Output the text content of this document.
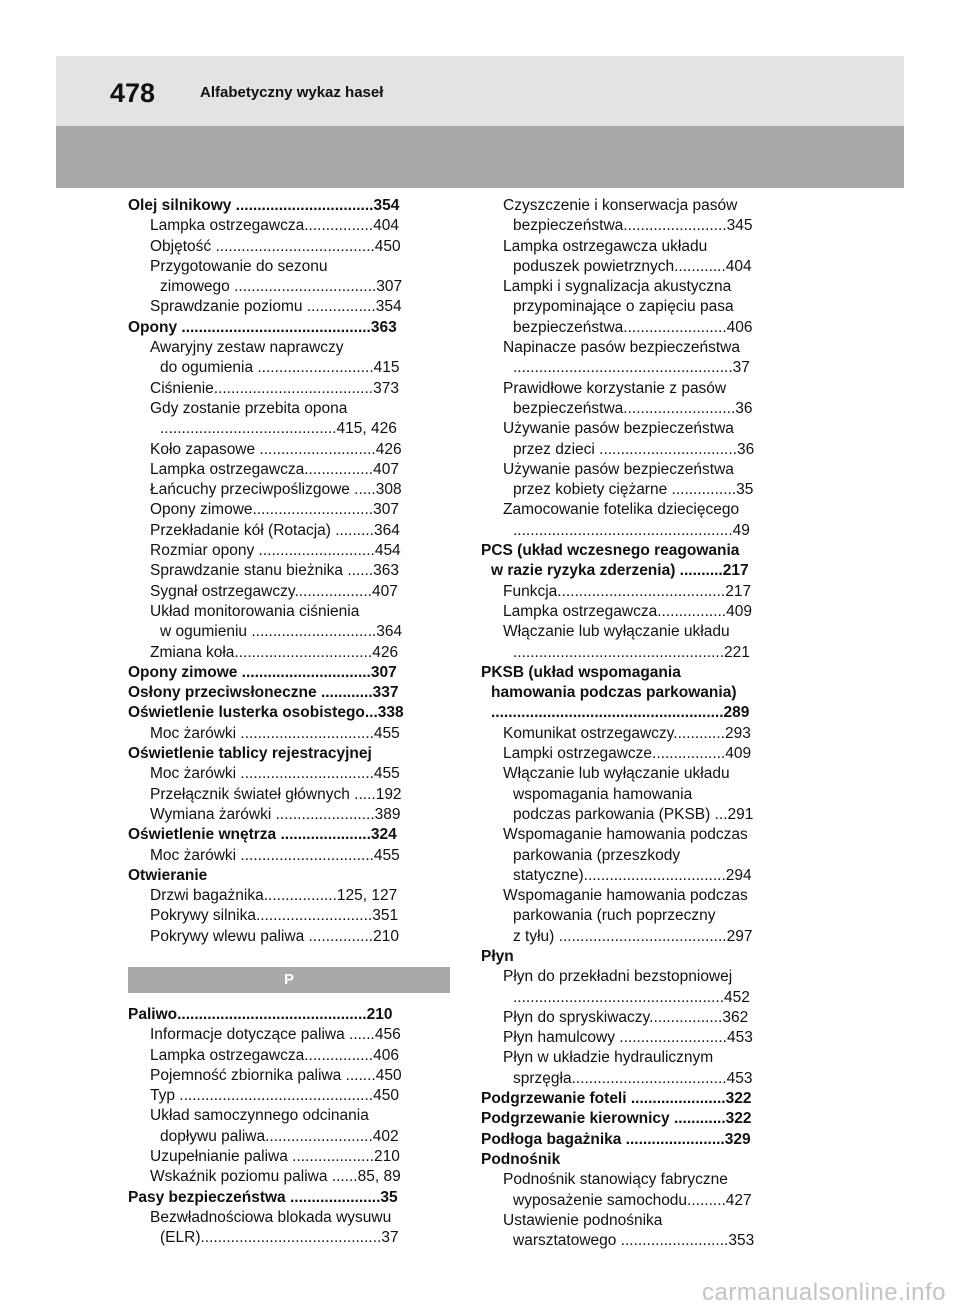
478	Alfabetyczny wykaz haseł
Olej silnikowy ................................354
Lampka ostrzegawcza................404
Objętość .....................................450
Przygotowanie do sezonu
zimowego .................................307
Sprawdzanie poziomu ................354
Opony ............................................363
Awaryjny zestaw naprawczy
do ogumienia ...........................415
Ciśnienie.....................................373
Gdy zostanie przebita opona
.........................................415, 426
Koło zapasowe ...........................426
Lampka ostrzegawcza................407
Łańcuchy przeciwpoślizgowe .....308
Opony zimowe............................307
Przekładanie kół (Rotacja) .........364
Rozmiar opony ...........................454
Sprawdzanie stanu bieżnika ......363
Sygnał ostrzegawczy..................407
Układ monitorowania ciśnienia
w ogumieniu .............................364
Zmiana koła................................426
Opony zimowe ..............................307
Osłony przeciwsłoneczne ............337
Oświetlenie lusterka osobistego...338
Moc żarówki ...............................455
Oświetlenie tablicy rejestracyjnej
Moc żarówki ...............................455
Przełącznik świateł głównych .....192
Wymiana żarówki .......................389
Oświetlenie wnętrza .....................324
Moc żarówki ...............................455
Otwieranie
Drzwi bagażnika.................125, 127
Pokrywy silnika...........................351
Pokrywy wlewu paliwa ...............210
P
Paliwo............................................210
Informacje dotyczące paliwa ......456
Lampka ostrzegawcza................406
Pojemność zbiornika paliwa .......450
Typ .............................................450
Układ samoczynnego odcinania
dopływu paliwa.........................402
Uzupełnianie paliwa ...................210
Wskaźnik poziomu paliwa ......85, 89
Pasy bezpieczeństwa .....................35
Bezwładnościowa blokada wysuwu
(ELR)..........................................37
Czyszczenie i konserwacja pasów
bezpieczeństwa........................345
Lampka ostrzegawcza układu
poduszek powietrznych............404
Lampki i sygnalizacja akustyczna
przypominające o zapięciu pasa
bezpieczeństwa........................406
Napinacze pasów bezpieczeństwa
...................................................37
Prawidłowe korzystanie z pasów
bezpieczeństwa..........................36
Używanie pasów bezpieczeństwa
przez dzieci ................................36
Używanie pasów bezpieczeństwa
przez kobiety ciężarne ...............35
Zamocowanie fotelika dziecięcego
...................................................49
PCS (układ wczesnego reagowania
w razie ryzyka zderzenia) ..........217
Funkcja.......................................217
Lampka ostrzegawcza................409
Włączanie lub wyłączanie układu
.................................................221
PKSB (układ wspomagania
hamowania podczas parkowania)
......................................................289
Komunikat ostrzegawczy............293
Lampki ostrzegawcze.................409
Włączanie lub wyłączanie układu
wspomagania hamowania
podczas parkowania (PKSB) ...291
Wspomaganie hamowania podczas
parkowania (przeszkody
statyczne).................................294
Wspomaganie hamowania podczas
parkowania (ruch poprzeczny
z tyłu) .......................................297
Płyn
Płyn do przekładni bezstopniowej
.................................................452
Płyn do spryskiwaczy.................362
Płyn hamulcowy .........................453
Płyn w układzie hydraulicznym
sprzęgła....................................453
Podgrzewanie foteli ......................322
Podgrzewanie kierownicy ............322
Podłoga bagażnika .......................329
Podnośnik
Podnośnik stanowiący fabryczne
wyposażenie samochodu.........427
Ustawienie podnośnika
warsztatowego .........................353
carmanualsonline.info
